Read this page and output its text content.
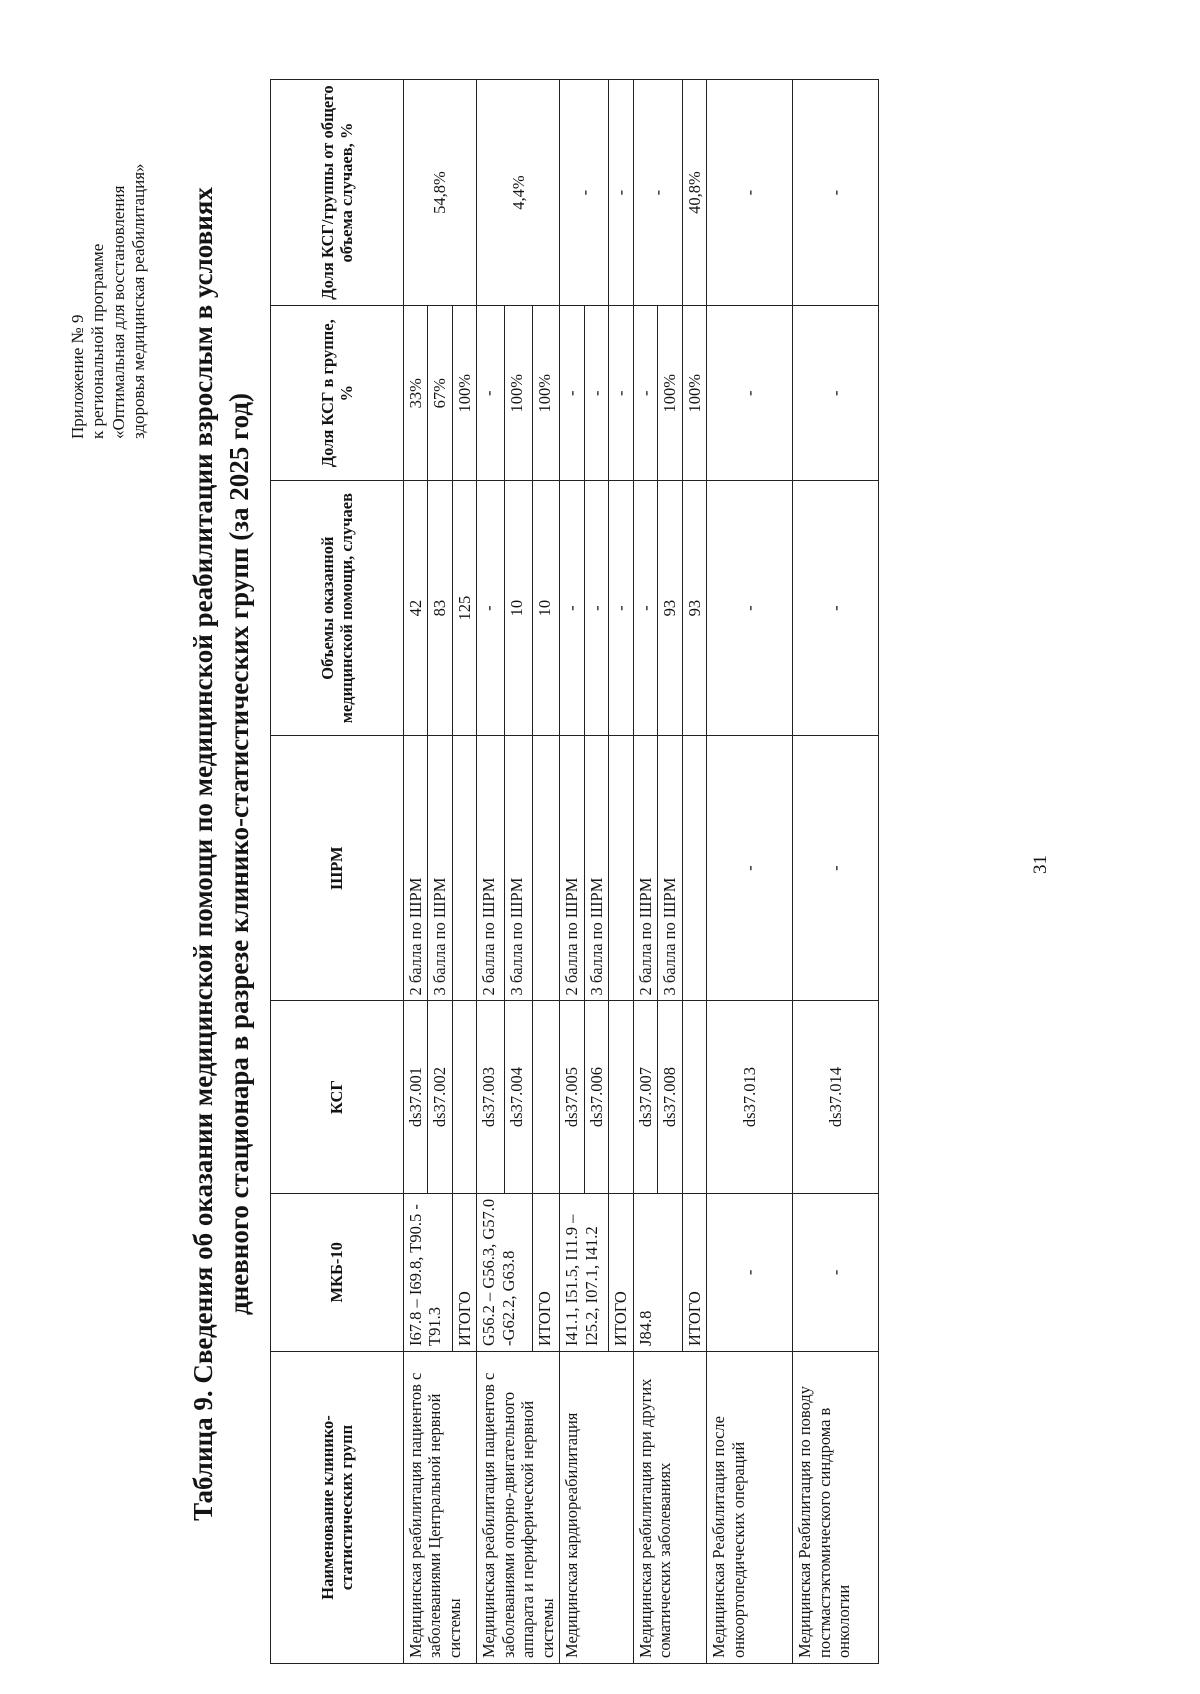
Приложение № 9 к региональной программе «Оптимальная для восстановления здоровья медицинская реабилитация» Таблица 9. Сведения об оказании медицинской помощи по медицинской реабилитации взрослым в условиях дневного стационара в разрезе клинико-статистических групп (за 2025 год)
Наименование клинико-статистических групп	МКБ-10	КСГ	ШРМ	Объемы оказанной медицинской помощи, случаев	Доля КСГ в группе, %	Доля КСГ/группы от общего объема случаев, %
Медицинская реабилитация пациентов с заболеваниями Центральной нервной системы	I67.8 – I69.8, T90.5 -T91.3	ds37.001	2 балла по ШРМ	42	33%	54,8%
		ds37.002	3 балла по ШРМ	83	67%	
	ИТОГО			125	100%	
Медицинская реабилитация пациентов с заболеваниями опорно-двигательного аппарата и периферической нервной системы	G56.2 – G56.3, G57.0 -G62.2, G63.8	ds37.003	2 балла по ШРМ	-	-	4,4%
		ds37.004	3 балла по ШРМ	10	100%	
	ИТОГО			10	100%	
Медицинская кардиореабилитация	I41.1, I51.5, I11.9 – I25.2, I07.1, I41.2	ds37.005	2 балла по ШРМ	-	-	-
		ds37.006	3 балла по ШРМ	-	-	
	ИТОГО			-	-	-
Медицинская реабилитация при других соматических заболеваниях	J84.8	ds37.007	2 балла по ШРМ	-	-	-
		ds37.008	3 балла по ШРМ	93	100%	
	ИТОГО			93	100%	40,8%
Медицинская Реабилитация после онкоортопедических операций	-	ds37.013	-	-	-	-
Медицинская Реабилитация по поводу постмастэктомического синдрома в онкологии	-	ds37.014	-	-	-	-
31
